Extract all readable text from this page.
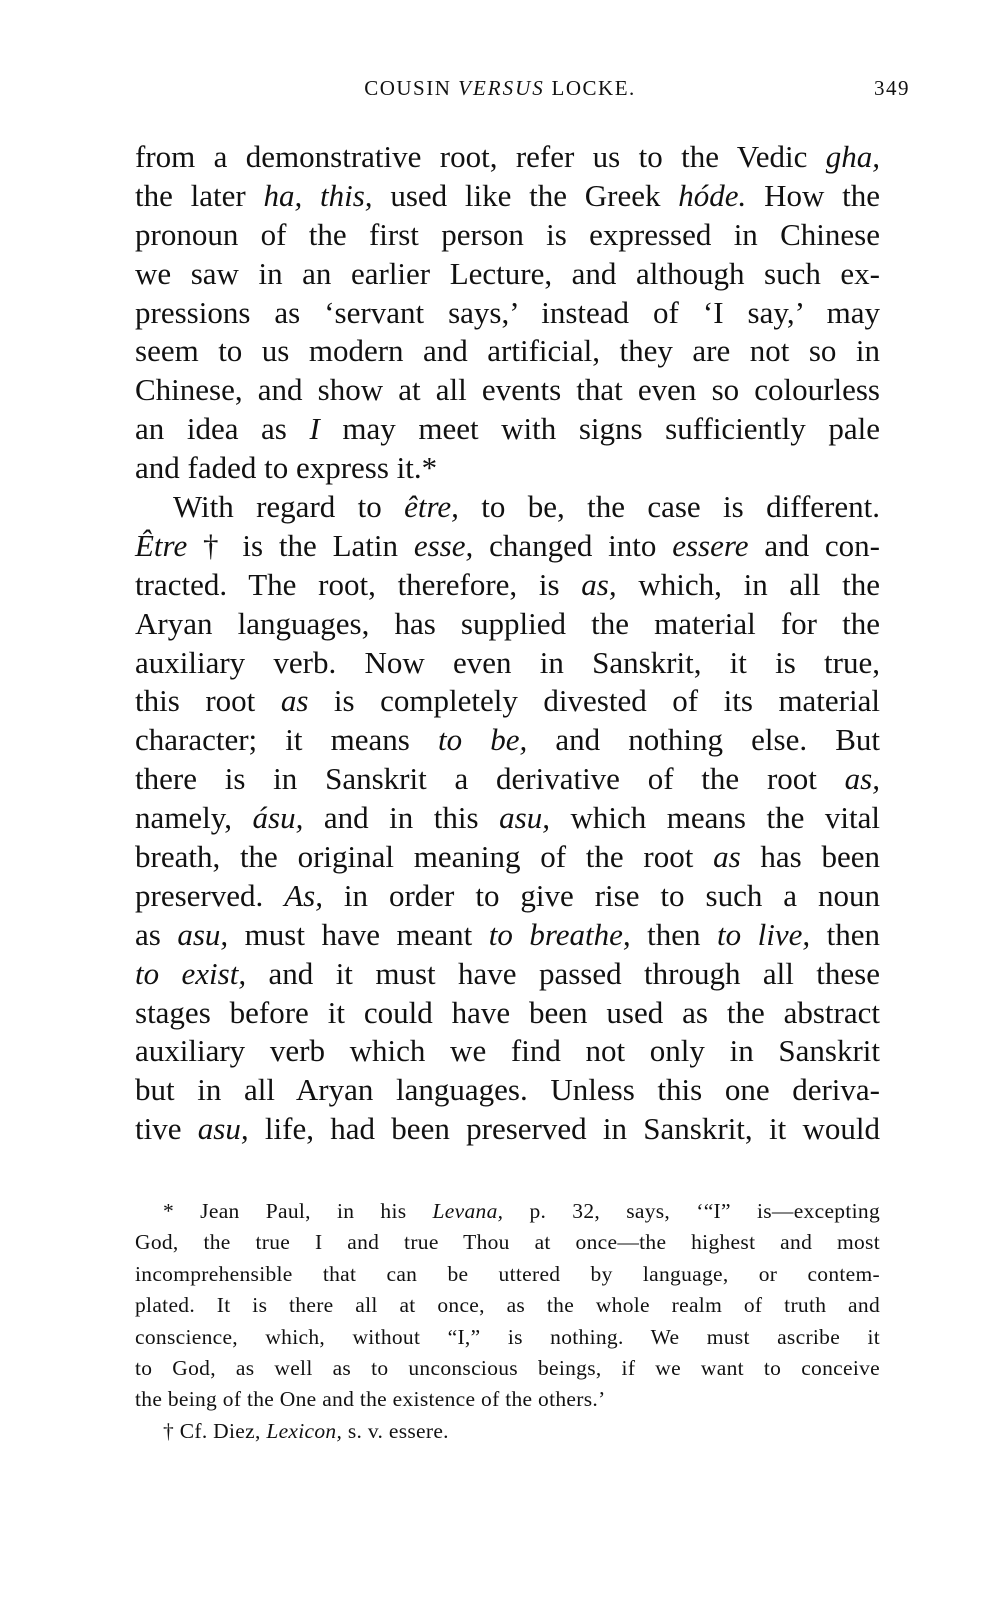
COUSIN VERSUS LOCKE.	349
from a demonstrative root, refer us to the Vedic gha,
the later ha, this, used like the Greek hóde. How the
pronoun of the first person is expressed in Chinese
we saw in an earlier Lecture, and although such ex-
pressions as ‘servant says,’ instead of ‘I say,’ may
seem to us modern and artificial, they are not so in
Chinese, and show at all events that even so colourless
an idea as I may meet with signs sufficiently pale
and faded to express it.*
With regard to être, to be, the case is different.
Être † is the Latin esse, changed into essere and con-
tracted. The root, therefore, is as, which, in all the
Aryan languages, has supplied the material for the
auxiliary verb. Now even in Sanskrit, it is true,
this root as is completely divested of its material
character; it means to be, and nothing else. But
there is in Sanskrit a derivative of the root as,
namely, ásu, and in this asu, which means the vital
breath, the original meaning of the root as has been
preserved. As, in order to give rise to such a noun
as asu, must have meant to breathe, then to live, then
to exist, and it must have passed through all these
stages before it could have been used as the abstract
auxiliary verb which we find not only in Sanskrit
but in all Aryan languages. Unless this one deriva-
tive asu, life, had been preserved in Sanskrit, it would
* Jean Paul, in his Levana, p. 32, says, ‘“I” is—excepting
God, the true I and true Thou at once—the highest and most
incomprehensible that can be uttered by language, or contem-
plated. It is there all at once, as the whole realm of truth and
conscience, which, without “I,” is nothing. We must ascribe it
to God, as well as to unconscious beings, if we want to conceive
the being of the One and the existence of the others.’
† Cf. Diez, Lexicon, s. v. essere.
